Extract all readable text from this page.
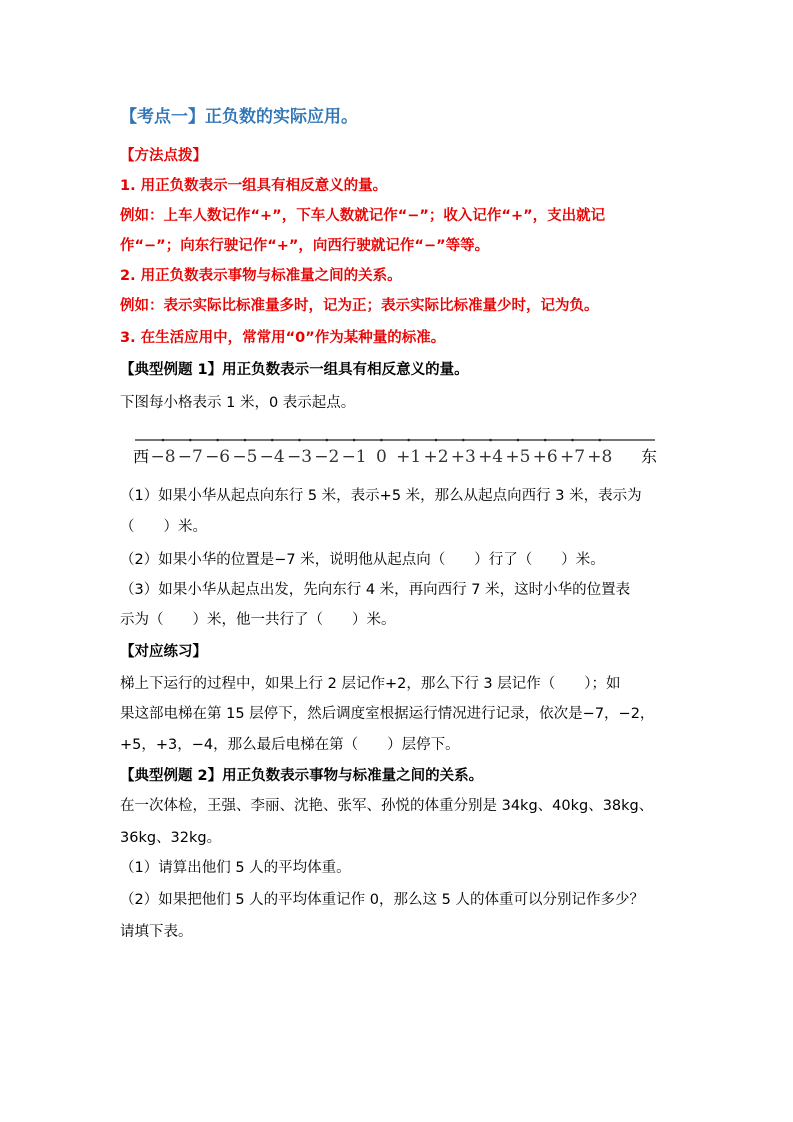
【考点一】正负数的实际应用。
【方法点拨】
1. 用正负数表示一组具有相反意义的量。
例如：上车人数记作“+”，下车人数就记作“−”；收入记作“+”，支出就记
作“−”；向东行驶记作“+”，向西行驶就记作“−”等等。
2. 用正负数表示事物与标准量之间的关系。
例如：表示实际比标准量多时，记为正；表示实际比标准量少时，记为负。
3. 在生活应用中，常常用“0”作为某种量的标准。
【典型例题 1】用正负数表示一组具有相反意义的量。
下图每小格表示 1 米，0 表示起点。
西	东
−8 −7 −6 −5 −4 −3 −2 −1 0 +1 +2 +3 +4 +5 +6 +7 +8
（1）如果小华从起点向东行 5 米，表示+5 米，那么从起点向西行 3 米，表示为
（　　）米。
（2）如果小华的位置是−7 米，说明他从起点向（　　）行了（　　）米。
（3）如果小华从起点出发，先向东行 4 米，再向西行 7 米，这时小华的位置表
示为（　　）米，他一共行了（　　）米。
【对应练习】
梯上下运行的过程中，如果上行 2 层记作+2，那么下行 3 层记作（　　）；如
果这部电梯在第 15 层停下，然后调度室根据运行情况进行记录，依次是−7，−2，
+5，+3，−4，那么最后电梯在第（　　）层停下。
【典型例题 2】用正负数表示事物与标准量之间的关系。
在一次体检，王强、李丽、沈艳、张军、孙悦的体重分别是 34kg、40kg、38kg、
36kg、32kg。
（1）请算出他们 5 人的平均体重。
（2）如果把他们 5 人的平均体重记作 0，那么这 5 人的体重可以分别记作多少？
请填下表。
